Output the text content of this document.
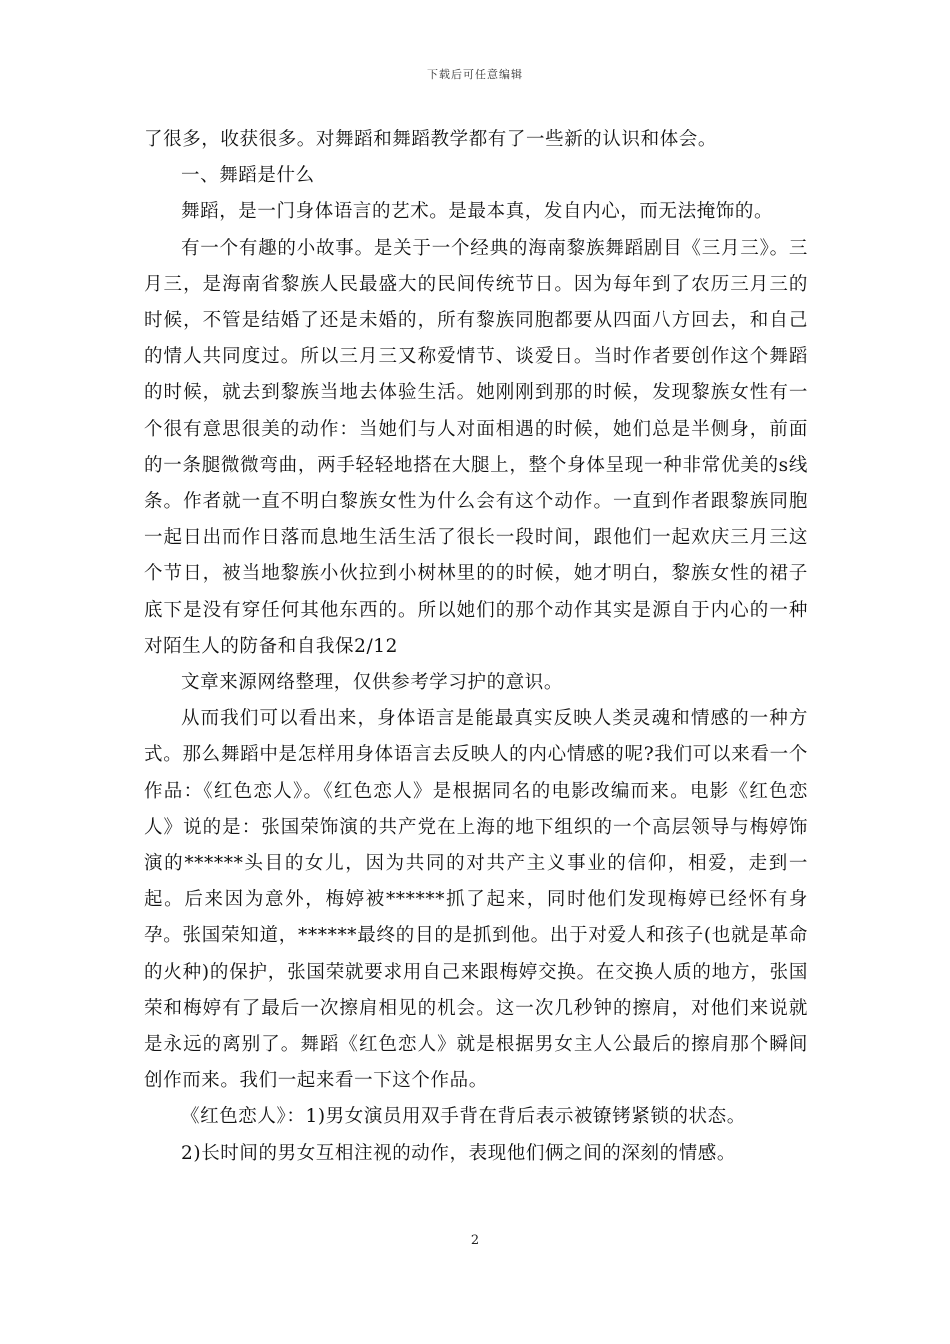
下载后可任意编辑

了很多，收获很多。对舞蹈和舞蹈教学都有了一些新的认识和体会。

一、舞蹈是什么

舞蹈，是一门身体语言的艺术。是最本真，发自内心，而无法掩饰的。

有一个有趣的小故事。是关于一个经典的海南黎族舞蹈剧目《三月三》。三月三，是海南省黎族人民最盛大的民间传统节日。因为每年到了农历三月三的时候，不管是结婚了还是未婚的，所有黎族同胞都要从四面八方回去，和自己的情人共同度过。所以三月三又称爱情节、谈爱日。当时作者要创作这个舞蹈的时候，就去到黎族当地去体验生活。她刚刚到那的时候，发现黎族女性有一个很有意思很美的动作：当她们与人对面相遇的时候，她们总是半侧身，前面的一条腿微微弯曲，两手轻轻地搭在大腿上，整个身体呈现一种非常优美的s线条。作者就一直不明白黎族女性为什么会有这个动作。一直到作者跟黎族同胞一起日出而作日落而息地生活生活了很长一段时间，跟他们一起欢庆三月三这个节日，被当地黎族小伙拉到小树林里的的时候，她才明白，黎族女性的裙子底下是没有穿任何其他东西的。所以她们的那个动作其实是源自于内心的一种对陌生人的防备和自我保2/12

文章来源网络整理，仅供参考学习护的意识。

从而我们可以看出来，身体语言是能最真实反映人类灵魂和情感的一种方式。那么舞蹈中是怎样用身体语言去反映人的内心情感的呢?我们可以来看一个作品：《红色恋人》。《红色恋人》是根据同名的电影改编而来。电影《红色恋人》说的是：张国荣饰演的共产党在上海的地下组织的一个高层领导与梅婷饰演的******头目的女儿，因为共同的对共产主义事业的信仰，相爱，走到一起。后来因为意外，梅婷被******抓了起来，同时他们发现梅婷已经怀有身孕。张国荣知道，******最终的目的是抓到他。出于对爱人和孩子(也就是革命的火种)的保护，张国荣就要求用自己来跟梅婷交换。在交换人质的地方，张国荣和梅婷有了最后一次擦肩相见的机会。这一次几秒钟的擦肩，对他们来说就是永远的离别了。舞蹈《红色恋人》就是根据男女主人公最后的擦肩那个瞬间创作而来。我们一起来看一下这个作品。

《红色恋人》：1)男女演员用双手背在背后表示被镣铐紧锁的状态。

2)长时间的男女互相注视的动作，表现他们俩之间的深刻的情感。

2
